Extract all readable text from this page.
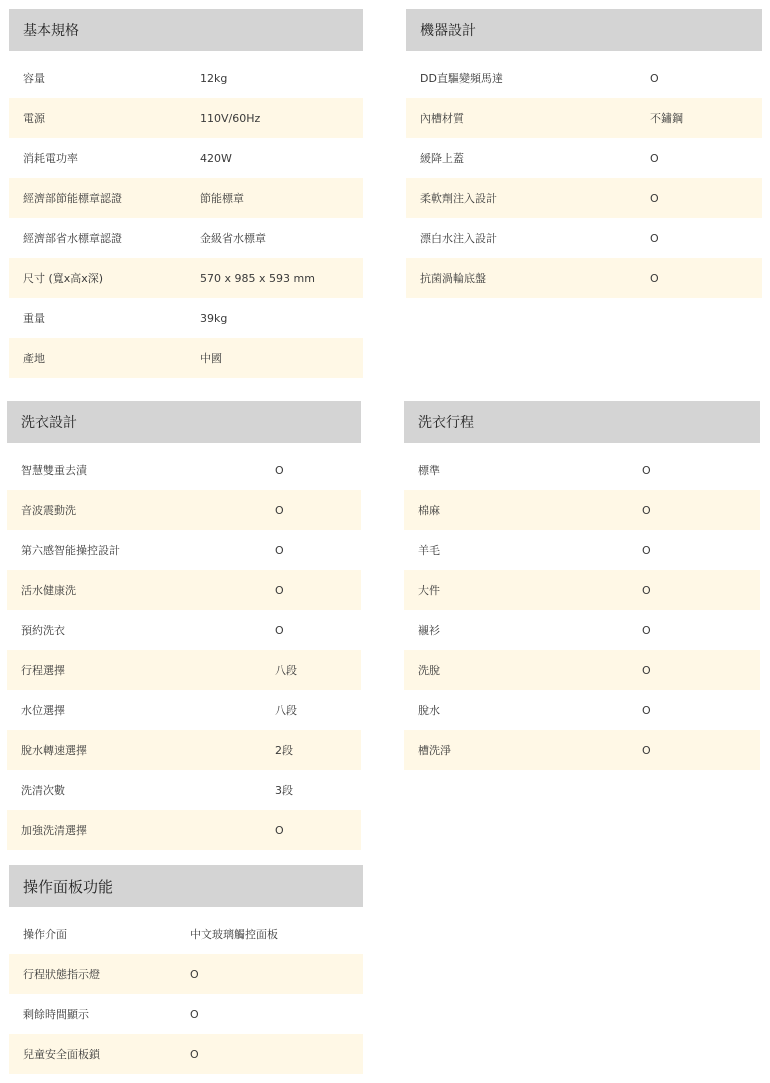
基本規格
容量	12kg
電源	110V/60Hz
消耗電功率	420W
經濟部節能標章認證	節能標章
經濟部省水標章認證	金級省水標章
尺寸 (寬x高x深)	570 x 985 x 593 mm
重量	39kg
產地	中國
機器設計
DD直驅變頻馬達	O
內槽材質	不鏽鋼
緩降上蓋	O
柔軟劑注入設計	O
漂白水注入設計	O
抗菌渦輪底盤	O
洗衣設計
智慧雙重去漬	O
音波震動洗	O
第六感智能操控設計	O
活水健康洗	O
預約洗衣	O
行程選擇	八段
水位選擇	八段
脫水轉速選擇	2段
洗清次數	3段
加強洗清選擇	O
洗衣行程
標準	O
棉麻	O
羊毛	O
大件	O
襯衫	O
洗脫	O
脫水	O
槽洗淨	O
操作面板功能
操作介面	中文玻璃觸控面板
行程狀態指示燈	O
剩餘時間顯示	O
兒童安全面板鎖	O
